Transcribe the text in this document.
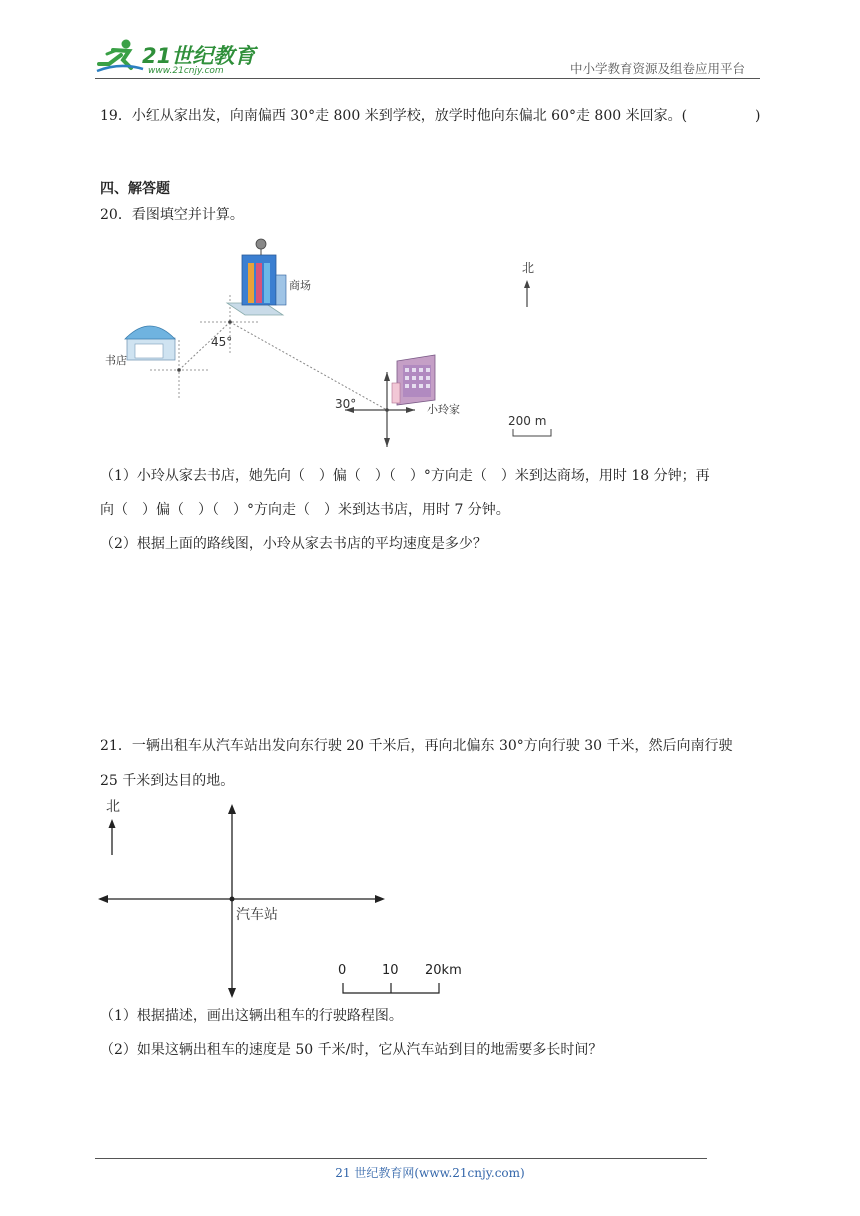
21世纪教育
www.21cnjy.com	中小学教育资源及组卷应用平台
19．小红从家出发，向南偏西 30°走 800 米到学校，放学时他向东偏北 60°走 800 米回家。(	)
四、解答题
20．看图填空并计算。
商场
书店
小玲家
45°
30°
北
200 m
（1）小玲从家去书店，她先向（　）偏（　）（　）°方向走（　）米到达商场，用时 18 分钟；再
向（　）偏（　）（　）°方向走（　）米到达书店，用时 7 分钟。
（2）根据上面的路线图，小玲从家去书店的平均速度是多少？
21．一辆出租车从汽车站出发向东行驶 20 千米后，再向北偏东 30°方向行驶 30 千米，然后向南行驶
25 千米到达目的地。
北
汽车站
0	10 20km
（1）根据描述，画出这辆出租车的行驶路程图。
（2）如果这辆出租车的速度是 50 千米/时，它从汽车站到目的地需要多长时间？
21 世纪教育网(www.21cnjy.com)
